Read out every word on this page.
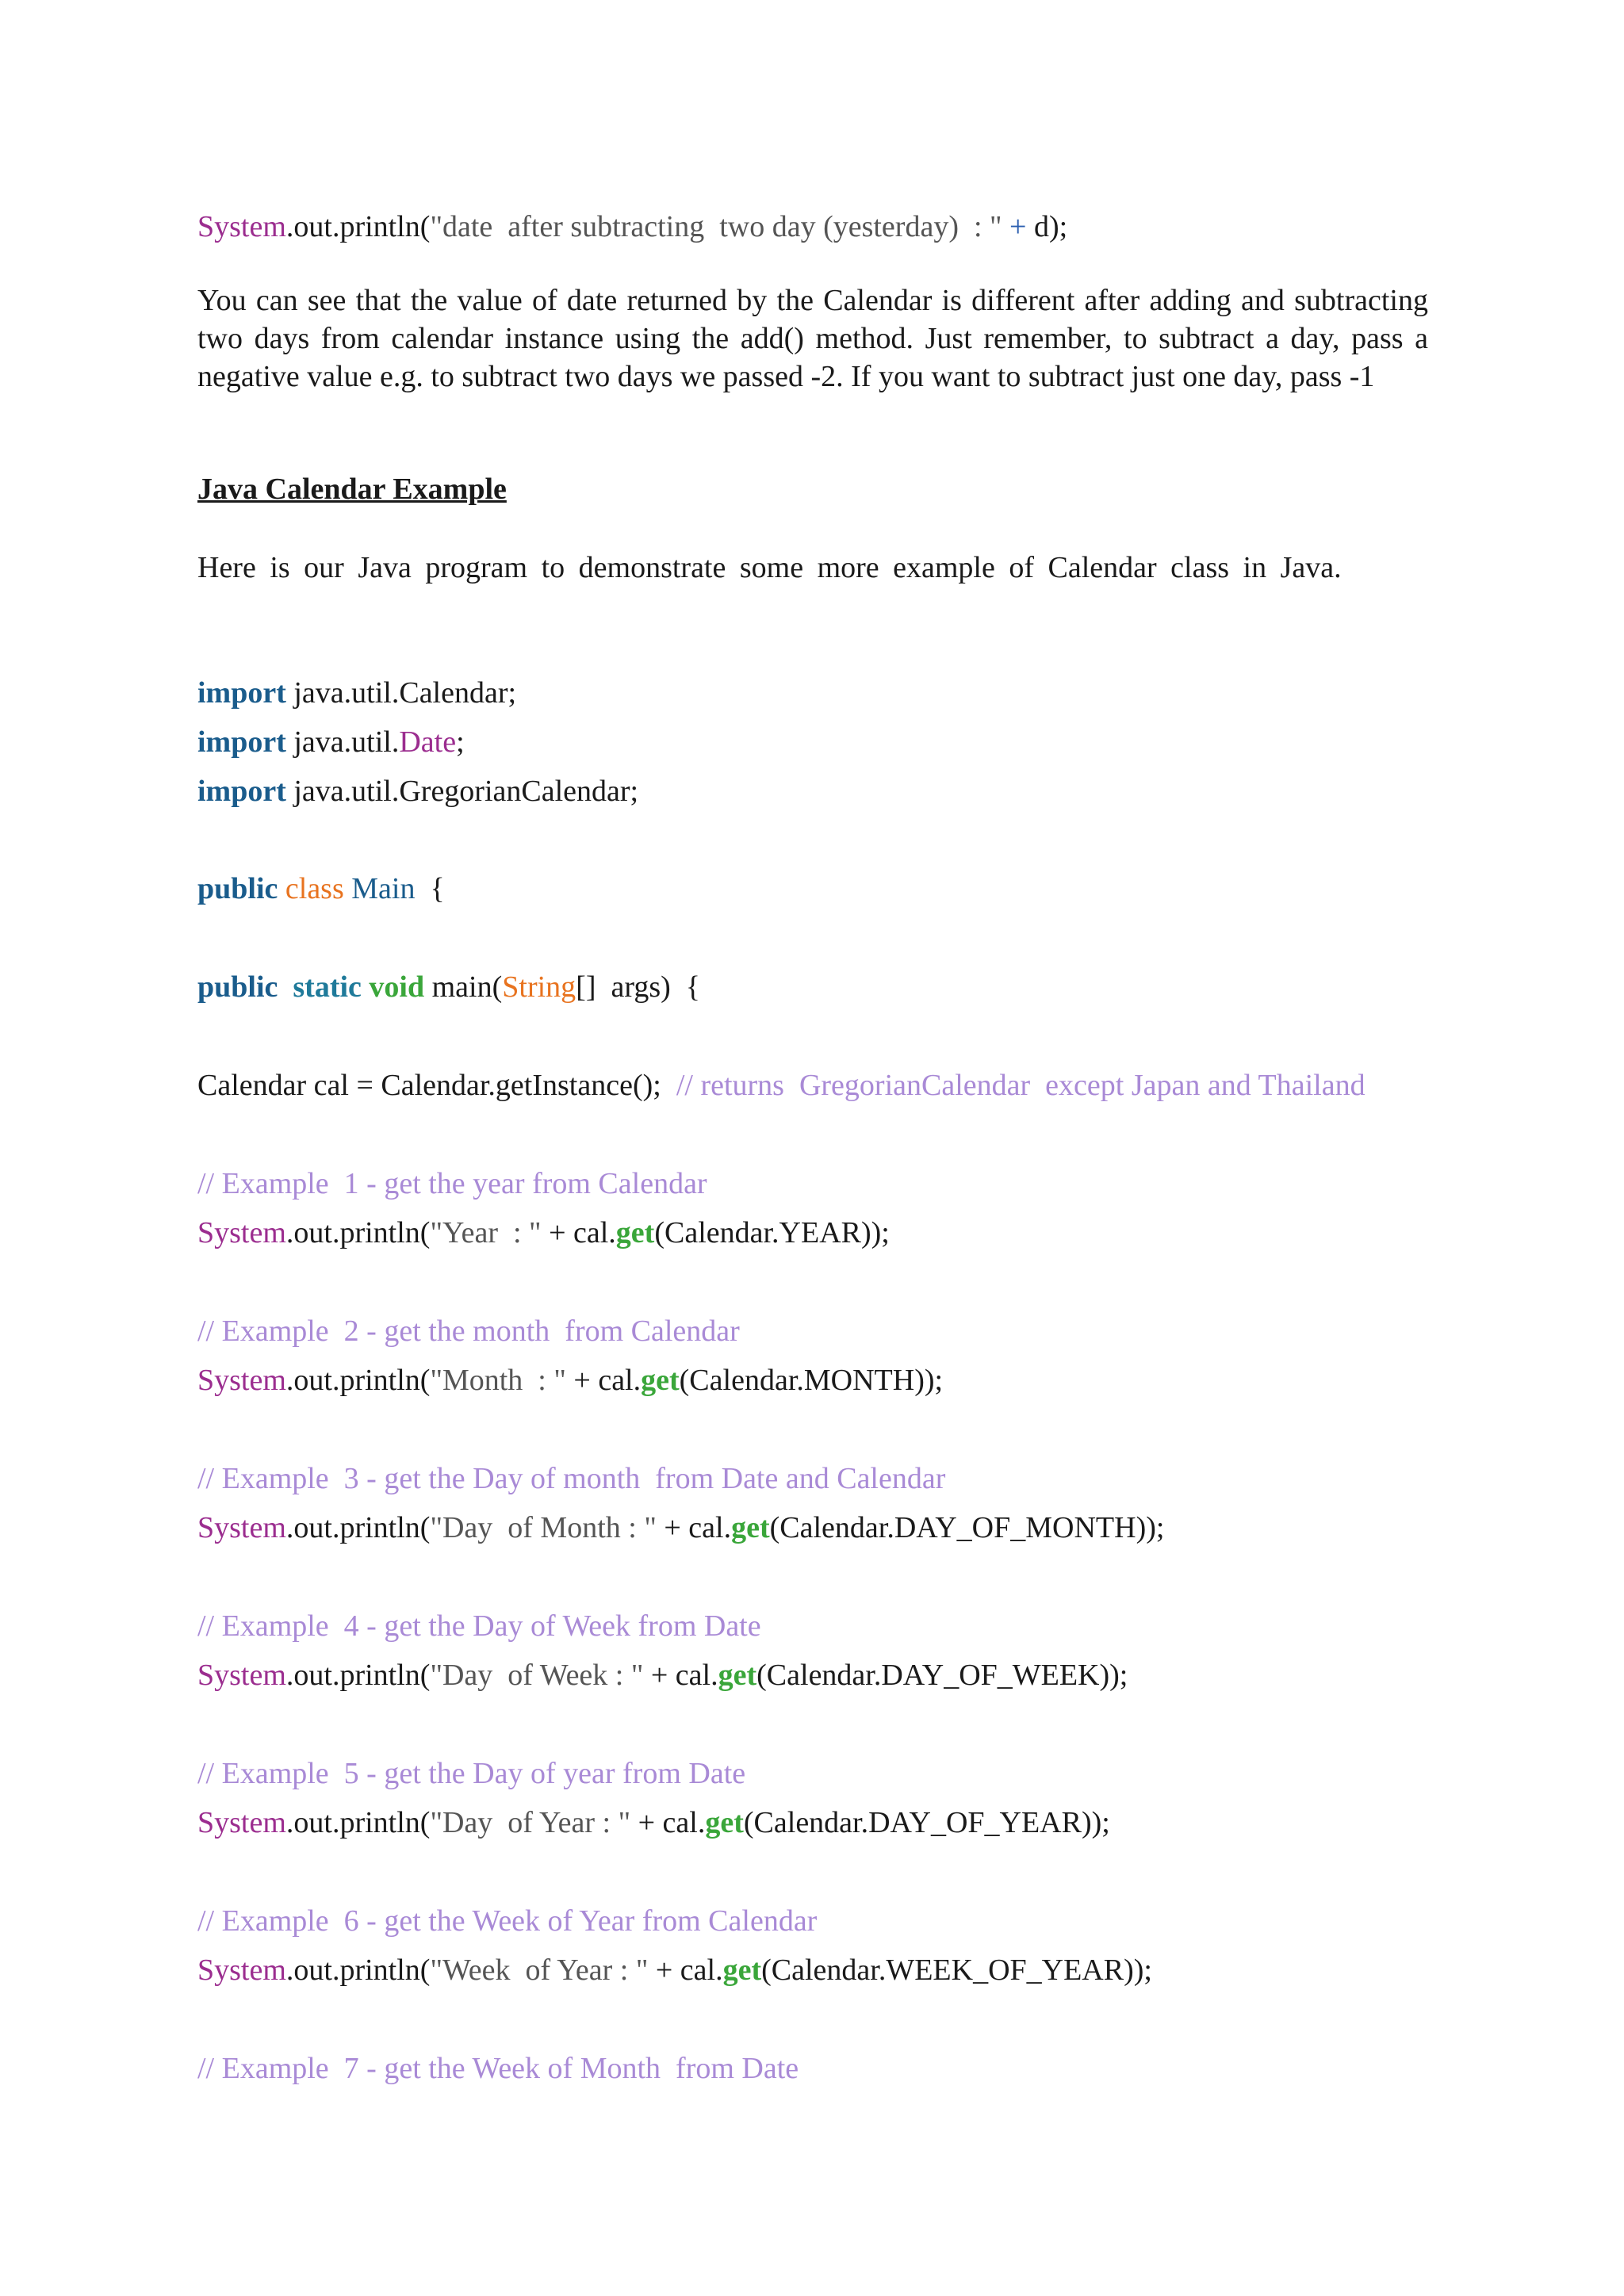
System.out.println("date  after subtracting  two day (yesterday)  : " + d);
You can see that the value of date returned by the Calendar is different after adding and subtracting two days from calendar instance using the add() method. Just remember, to subtract a day, pass a negative value e.g. to subtract two days we passed -2. If you want to subtract just one day, pass -1
Java Calendar Example
Here is our Java program to demonstrate some more example of Calendar class in Java.
import java.util.Calendar;
import java.util.Date;
import java.util.GregorianCalendar;
public class Main {
public static void main(String[]  args)  {
Calendar cal = Calendar.getInstance();  // returns  GregorianCalendar  except Japan and Thailand
// Example  1 - get the year from Calendar
System.out.println("Year  : " + cal.get(Calendar.YEAR));
// Example  2 - get the month  from Calendar
System.out.println("Month  : " + cal.get(Calendar.MONTH));
// Example  3 - get the Day of month  from Date and Calendar
System.out.println("Day  of Month : " + cal.get(Calendar.DAY_OF_MONTH));
// Example  4 - get the Day of Week from Date
System.out.println("Day  of Week : " + cal.get(Calendar.DAY_OF_WEEK));
// Example  5 - get the Day of year from Date
System.out.println("Day  of Year : " + cal.get(Calendar.DAY_OF_YEAR));
// Example  6 - get the Week of Year from Calendar
System.out.println("Week  of Year : " + cal.get(Calendar.WEEK_OF_YEAR));
// Example  7 - get the Week of Month  from Date
